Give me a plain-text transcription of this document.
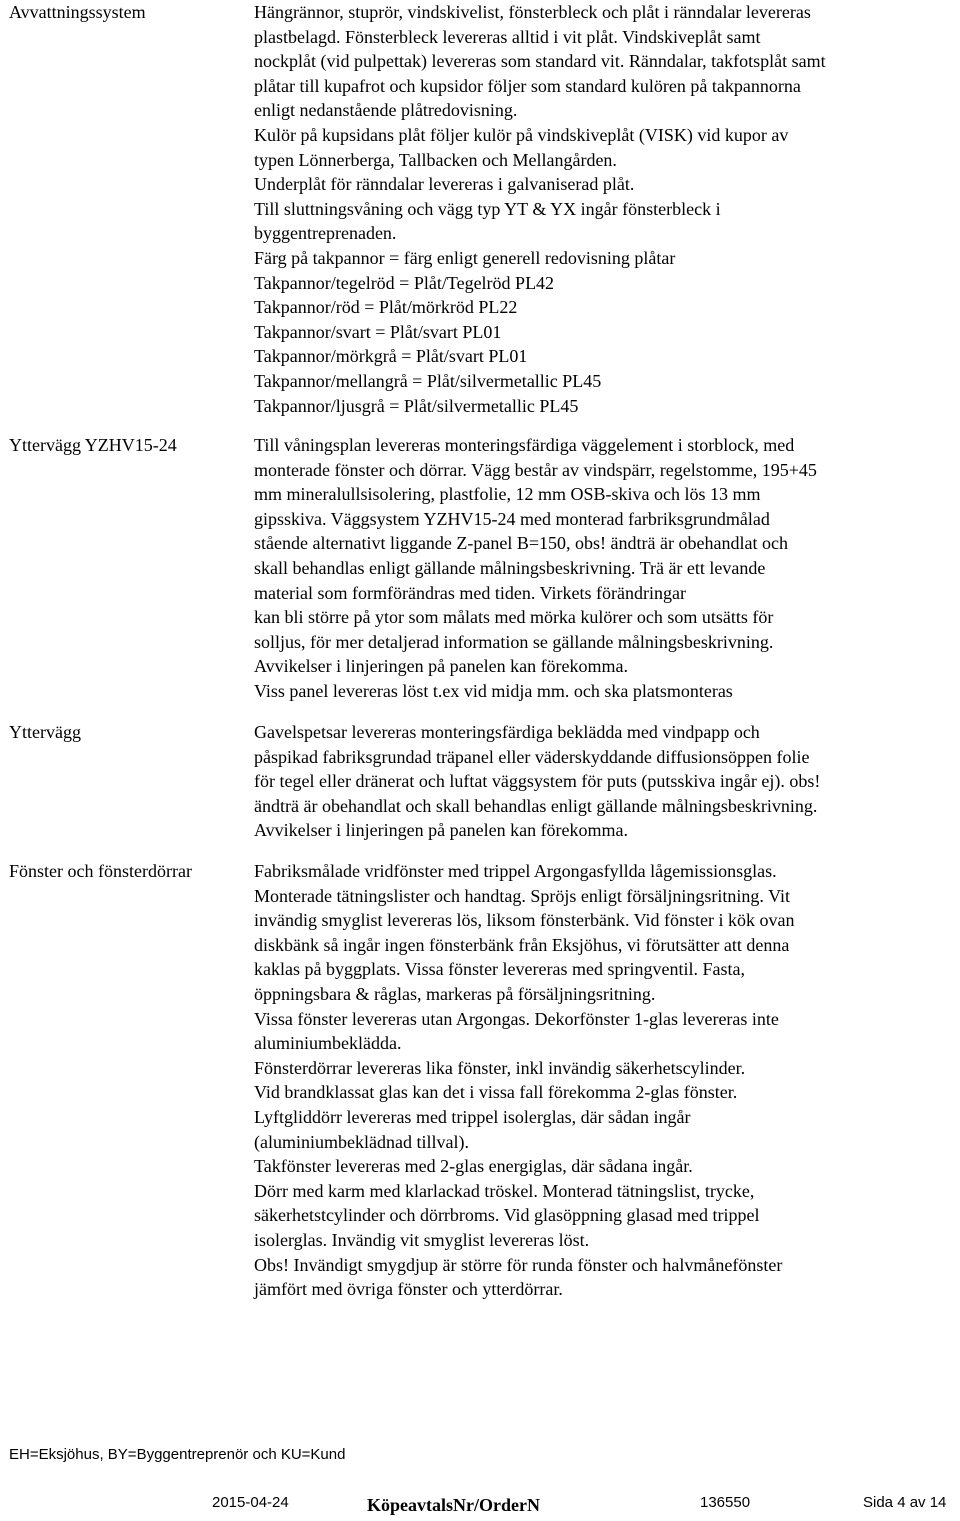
Avvattningssystem	Hängrännor, stuprör, vindskivelist, fönsterbleck och plåt i ränndalar levereras
plastbelagd. Fönsterbleck levereras alltid i vit plåt. Vindskiveplåt samt
nockplåt (vid pulpettak) levereras som standard vit. Ränndalar, takfotsplåt samt
plåtar till kupafrot och kupsidor följer som standard kulören på takpannorna
enligt nedanstående plåtredovisning.
Kulör på kupsidans plåt följer kulör på vindskiveplåt (VISK) vid kupor av
typen Lönnerberga, Tallbacken och Mellangården.
Underplåt för ränndalar levereras i galvaniserad plåt.
Till sluttningsvåning och vägg typ YT & YX ingår fönsterbleck i
byggentreprenaden.
Färg på takpannor = färg enligt generell redovisning plåtar
Takpannor/tegelröd = Plåt/Tegelröd PL42
Takpannor/röd = Plåt/mörkröd PL22
Takpannor/svart = Plåt/svart PL01
Takpannor/mörkgrå = Plåt/svart PL01
Takpannor/mellangrå = Plåt/silvermetallic PL45
Takpannor/ljusgrå = Plåt/silvermetallic PL45
Yttervägg YZHV15-24	Till våningsplan levereras monteringsfärdiga väggelement i storblock, med
monterade fönster och dörrar. Vägg består av vindspärr, regelstomme, 195+45
mm mineralullsisolering, plastfolie, 12 mm OSB-skiva och lös 13 mm
gipsskiva. Väggsystem YZHV15-24 med monterad farbriksgrundmålad
stående alternativt liggande Z-panel B=150, obs! ändträ är obehandlat och
skall behandlas enligt gällande målningsbeskrivning. Trä är ett levande
material som formförändras med tiden. Virkets förändringar
kan bli större på ytor som målats med mörka kulörer och som utsätts för
solljus, för mer detaljerad information se gällande målningsbeskrivning.
Avvikelser i linjeringen på panelen kan förekomma.
Viss panel levereras löst t.ex vid midja mm. och ska platsmonteras
Yttervägg	Gavelspetsar levereras monteringsfärdiga beklädda med vindpapp och
påspikad fabriksgrundad träpanel eller väderskyddande diffusionsöppen folie
för tegel eller dränerat och luftat väggsystem för puts (putsskiva ingår ej). obs!
ändträ är obehandlat och skall behandlas enligt gällande målningsbeskrivning.
Avvikelser i linjeringen på panelen kan förekomma.
Fönster och fönsterdörrar	Fabriksmålade vridfönster med trippel Argongasfyllda lågemissionsglas.
Monterade tätningslister och handtag. Spröjs enligt försäljningsritning. Vit
invändig smyglist levereras lös, liksom fönsterbänk. Vid fönster i kök ovan
diskbänk så ingår ingen fönsterbänk från Eksjöhus, vi förutsätter att denna
kaklas på byggplats. Vissa fönster levereras med springventil. Fasta,
öppningsbara & råglas, markeras på försäljningsritning.
Vissa fönster levereras utan Argongas. Dekorfönster 1-glas levereras inte
aluminiumbeklädda.
Fönsterdörrar levereras lika fönster, inkl invändig säkerhetscylinder.
Vid brandklassat glas kan det i vissa fall förekomma 2-glas fönster.
Lyftgliddörr levereras med trippel isolerglas, där sådan ingår
(aluminiumbeklädnad tillval).
Takfönster levereras med 2-glas energiglas, där sådana ingår.
Dörr med karm med klarlackad tröskel. Monterad tätningslist, trycke,
säkerhetstcylinder och dörrbroms. Vid glasöppning glasad med trippel
isolerglas. Invändig vit smyglist levereras löst.
Obs! Invändigt smygdjup är större för runda fönster och halvmånefönster
jämfört med övriga fönster och ytterdörrar.
EH=Eksjöhus, BY=Byggentreprenör och KU=Kund
2015-04-24	KöpeavtalsNr/OrderN	136550	Sida 4 av 14
